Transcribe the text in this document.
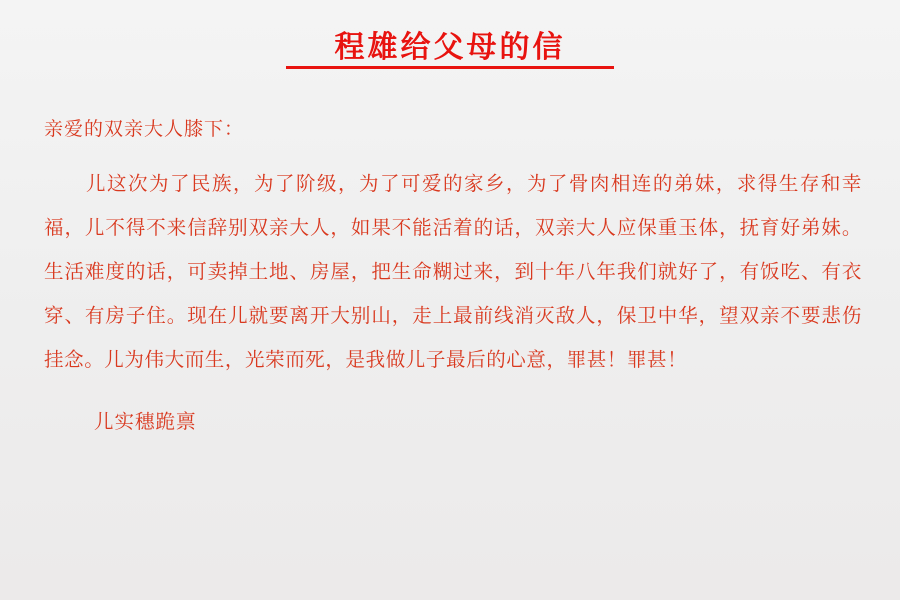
程雄给父母的信
亲爱的双亲大人膝下：
儿这次为了民族，为了阶级，为了可爱的家乡，为了骨肉相连的弟妹，求得生存和幸福，儿不得不来信辞别双亲大人，如果不能活着的话，双亲大人应保重玉体，抚育好弟妹。生活难度的话，可卖掉土地、房屋，把生命糊过来，到十年八年我们就好了，有饭吃、有衣穿、有房子住。现在儿就要离开大别山，走上最前线消灭敌人，保卫中华，望双亲不要悲伤挂念。儿为伟大而生，光荣而死，是我做儿子最后的心意，罪甚！罪甚！
儿实穗跪禀
